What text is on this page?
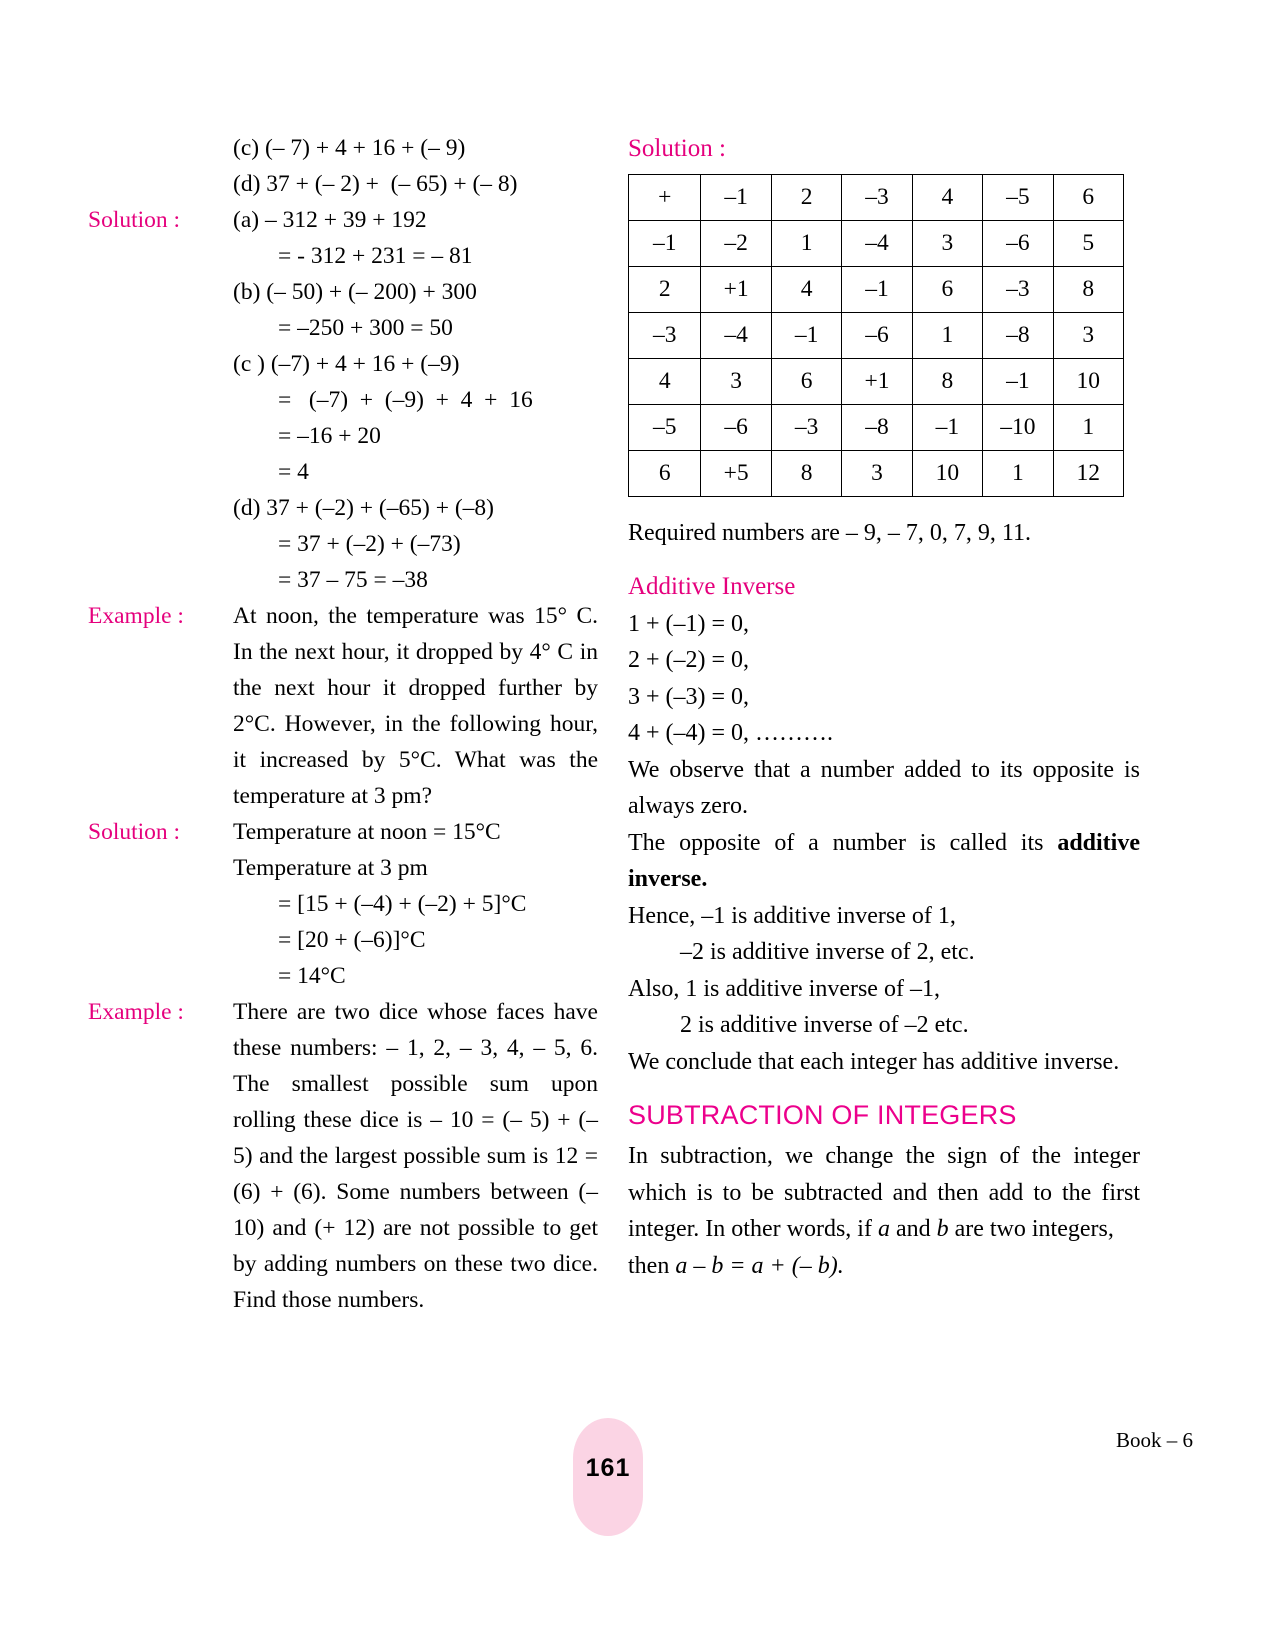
(c) (– 7) + 4 + 16 + (– 9)
(d) 37 + (– 2) +  (– 65) + (– 8)
Solution :	(a) – 312 + 39 + 192
= - 312 + 231 = – 81
(b) (– 50) + (– 200) + 300
= –250 + 300 = 50
(c ) (–7) + 4 + 16 + (–9)
=   (–7)  +  (–9)  +  4  +  16
= –16 + 20
= 4
(d) 37 + (–2) + (–65) + (–8)
= 37 + (–2) + (–73)
= 37 – 75 = –38
Example :	At noon, the temperature was 15° C. In the next hour, it dropped by 4° C in the next hour it dropped further by 2°C. However, in the following hour, it increased by 5°C. What was the temperature at 3 pm?
Solution :	Temperature at noon = 15°C
Temperature at 3 pm
= [15 + (–4) + (–2) + 5]°C
= [20 + (–6)]°C
= 14°C
Example :	There are two dice whose faces have these numbers: – 1, 2, – 3, 4, – 5, 6. The smallest possible sum upon rolling these dice is – 10 = (– 5) + (– 5) and the largest possible sum is 12 = (6) + (6). Some numbers between (– 10) and (+ 12) are not possible to get by adding numbers on these two dice. Find those numbers.
Solution :
+	–1	2	–3	4	–5	6
–1	–2	1	–4	3	–6	5
2	+1	4	–1	6	–3	8
–3	–4	–1	–6	1	–8	3
4	3	6	+1	8	–1	10
–5	–6	–3	–8	–1	–10	1
6	+5	8	3	10	1	12
Required numbers are – 9, – 7, 0, 7, 9, 11.
Additive Inverse
1 + (–1) = 0,
2 + (–2) = 0,
3 + (–3) = 0,
4 + (–4) = 0, ……….
We observe that a number added to its opposite is always zero.
The opposite of a number is called its additive inverse.
Hence, –1 is additive inverse of 1,
–2 is additive inverse of 2, etc.
Also, 1 is additive inverse of –1,
2 is additive inverse of –2 etc.
We conclude that each integer has additive inverse.
SUBTRACTION OF INTEGERS
In subtraction, we change the sign of the integer which is to be subtracted and then add to the first integer. In other words, if a and b are two integers,
then a – b = a + (– b).
161
Book – 6
